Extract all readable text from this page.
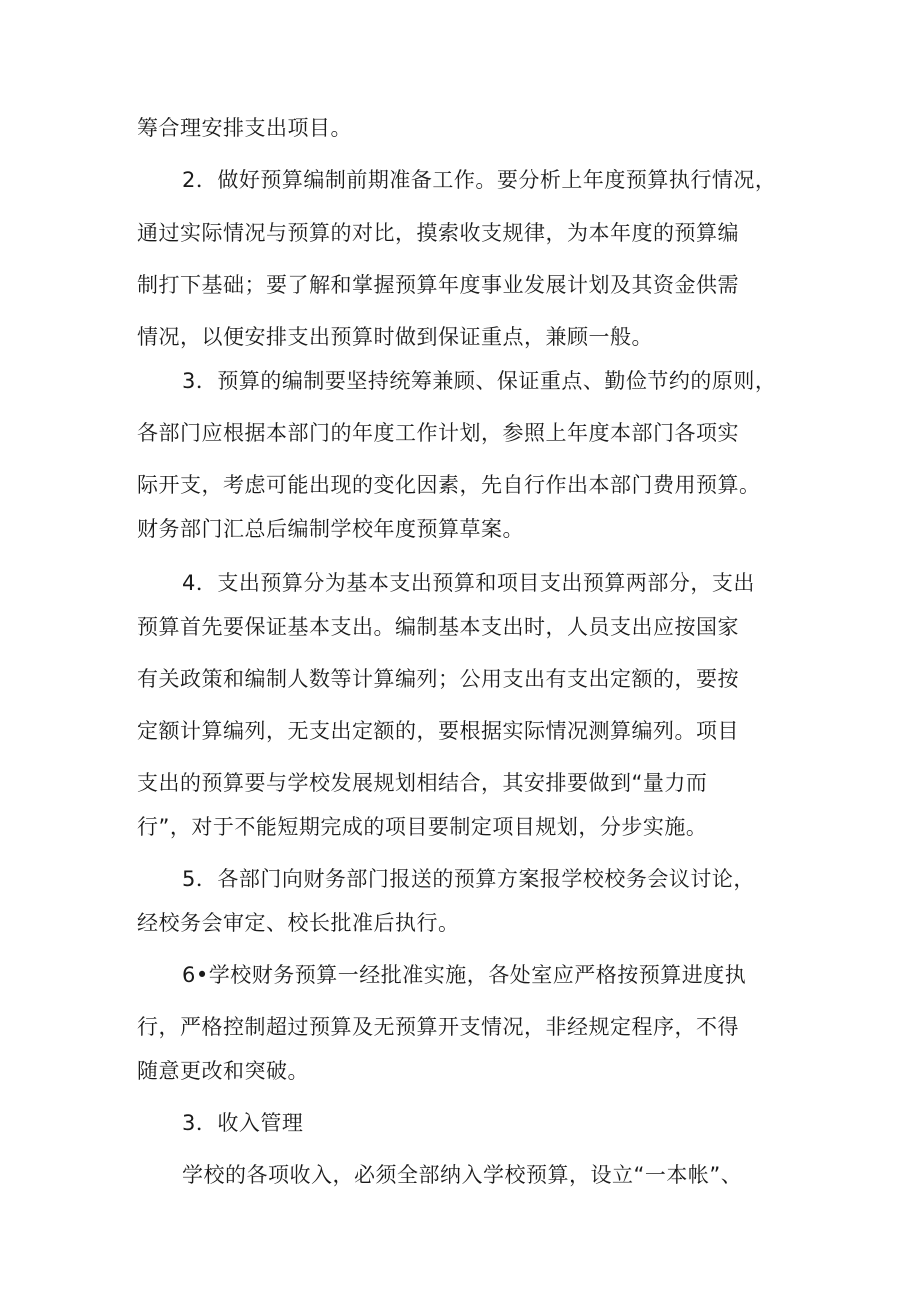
筹合理安排支出项目。
2．做好预算编制前期准备工作。要分析上年度预算执行情况，
通过实际情况与预算的对比，摸索收支规律，为本年度的预算编
制打下基础；要了解和掌握预算年度事业发展计划及其资金供需
情况，以便安排支出预算时做到保证重点，兼顾一般。
3．预算的编制要坚持统筹兼顾、保证重点、勤俭节约的原则，
各部门应根据本部门的年度工作计划，参照上年度本部门各项实
际开支，考虑可能出现的变化因素，先自行作出本部门费用预算。
财务部门汇总后编制学校年度预算草案。
4．支出预算分为基本支出预算和项目支出预算两部分，支出
预算首先要保证基本支出。编制基本支出时，人员支出应按国家
有关政策和编制人数等计算编列；公用支出有支出定额的，要按
定额计算编列，无支出定额的，要根据实际情况测算编列。项目
支出的预算要与学校发展规划相结合，其安排要做到“量力而
行”，对于不能短期完成的项目要制定项目规划，分步实施。
5．各部门向财务部门报送的预算方案报学校校务会议讨论，
经校务会审定、校长批准后执行。
6•学校财务预算一经批准实施，各处室应严格按预算进度执
行，严格控制超过预算及无预算开支情况，非经规定程序，不得
随意更改和突破。
3．收入管理
学校的各项收入，必须全部纳入学校预算，设立“一本帐”、
